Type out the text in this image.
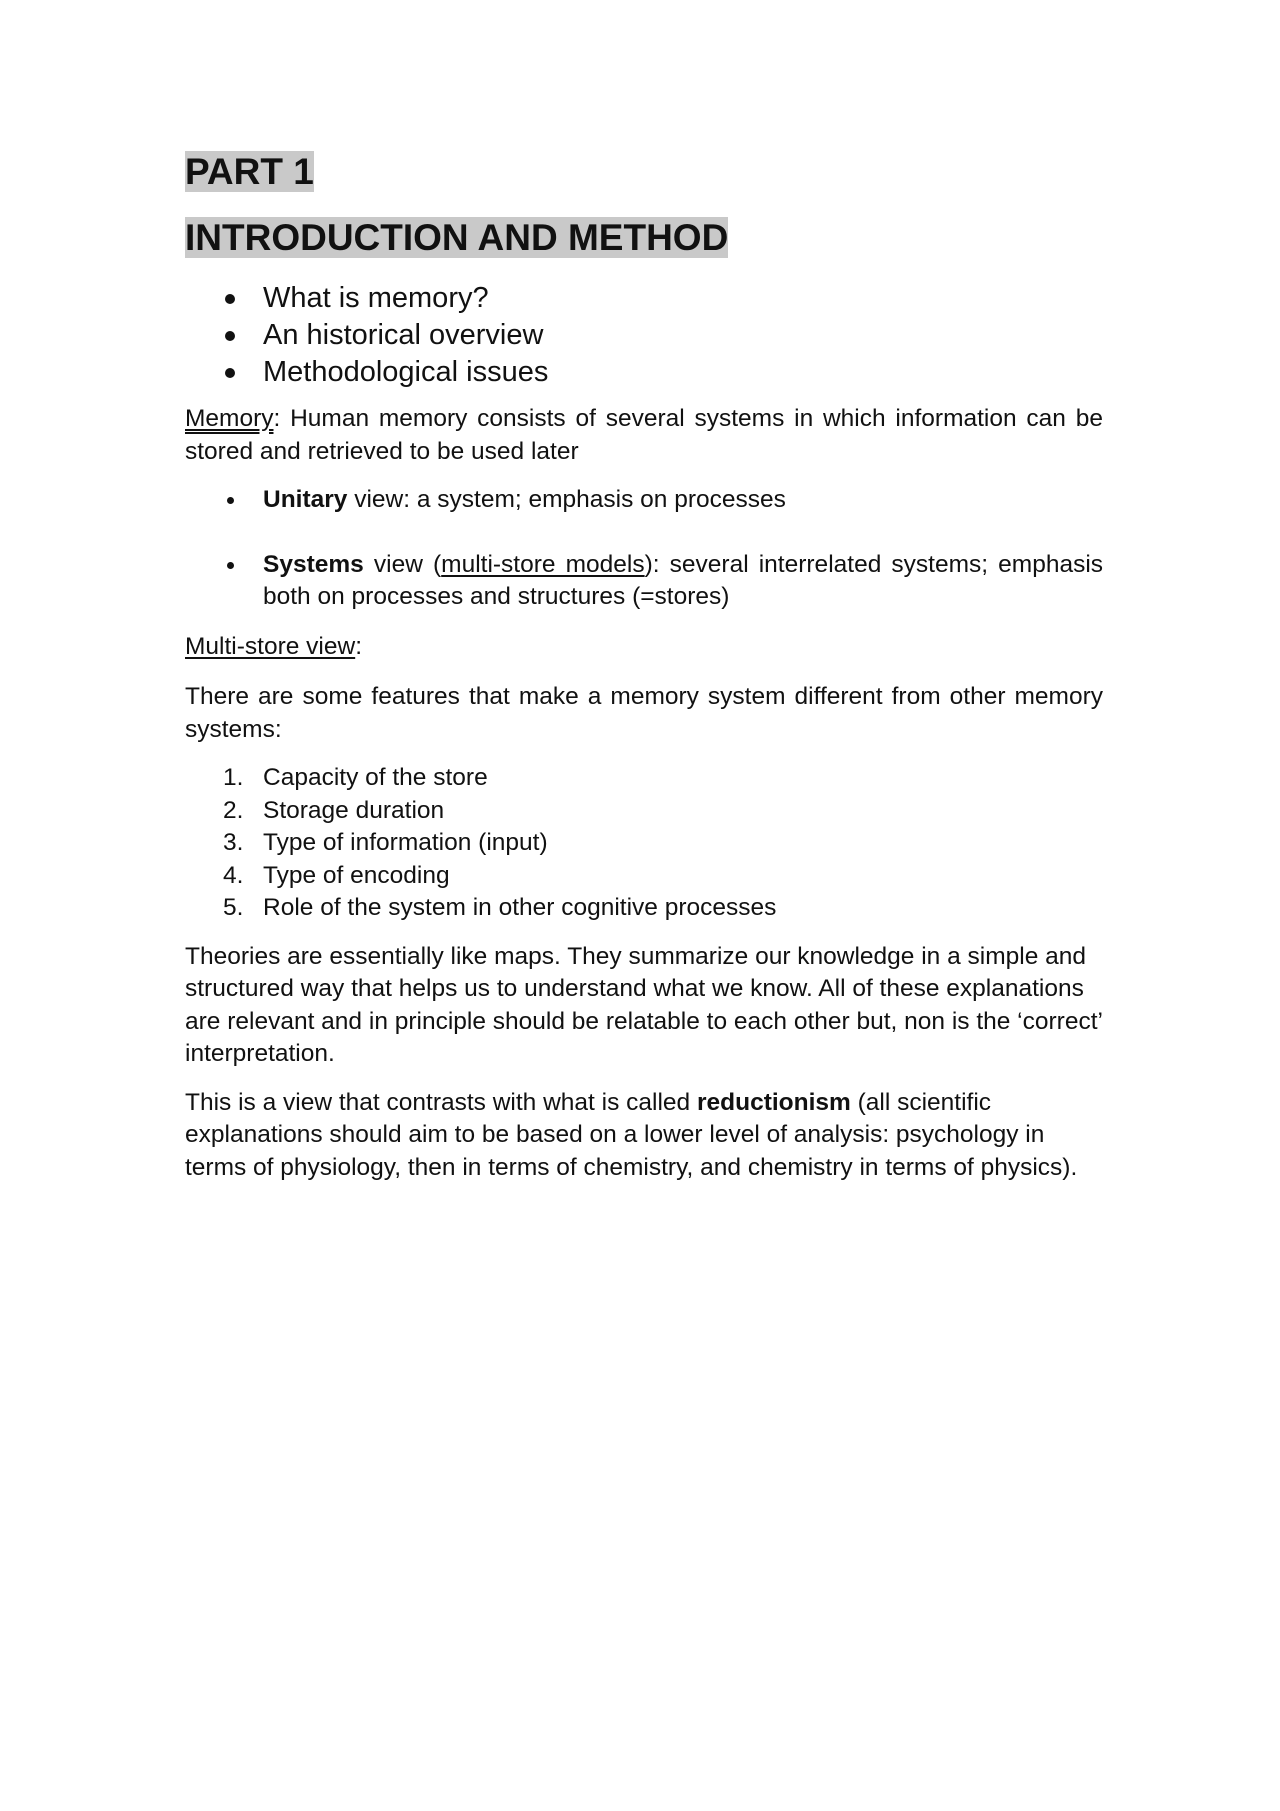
PART 1
INTRODUCTION AND METHOD
What is memory?
An historical overview
Methodological issues

Memory: Human memory consists of several systems in which information can be stored and retrieved to be used later

Unitary view: a system; emphasis on processes
Systems view (multi-store models): several interrelated systems; emphasis both on processes and structures (=stores)

Multi-store view:

There are some features that make a memory system different from other memory systems:

1. Capacity of the store
2. Storage duration
3. Type of information (input)
4. Type of encoding
5. Role of the system in other cognitive processes

Theories are essentially like maps. They summarize our knowledge in a simple and structured way that helps us to understand what we know. All of these explanations are relevant and in principle should be relatable to each other but, non is the ‘correct’ interpretation.

This is a view that contrasts with what is called reductionism (all scientific explanations should aim to be based on a lower level of analysis: psychology in terms of physiology, then in terms of chemistry, and chemistry in terms of physics).
